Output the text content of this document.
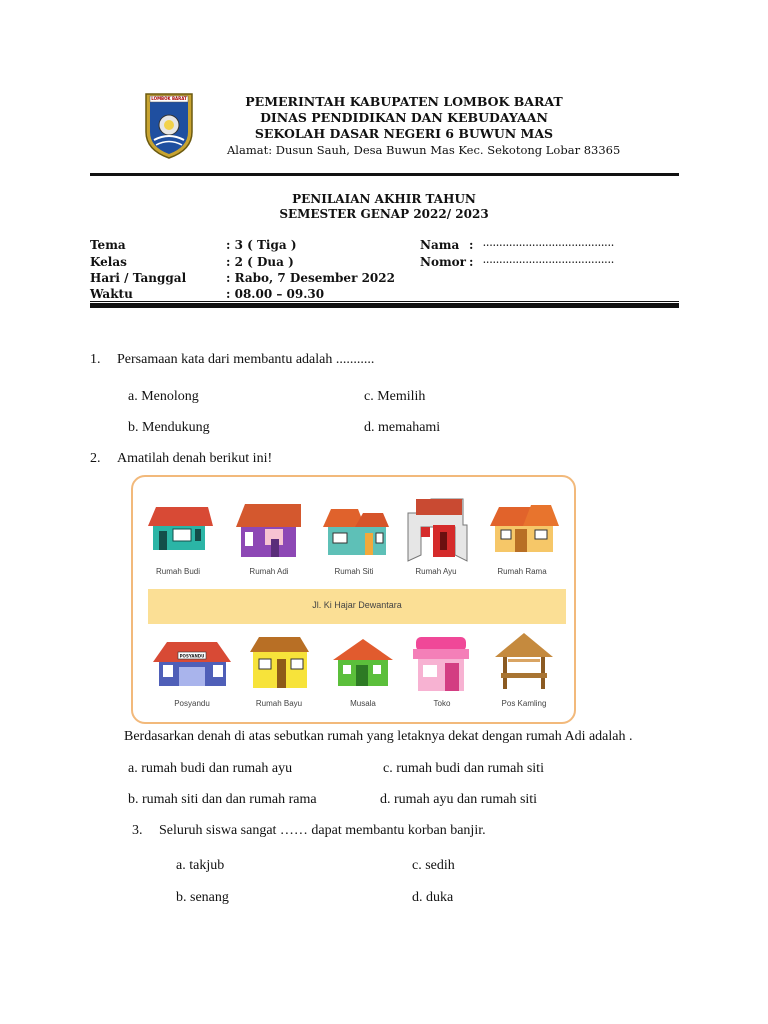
LOMBOK BARAT	PEMERINTAH KABUPATEN LOMBOK BARAT
DINAS PENDIDIKAN DAN KEBUDAYAAN
SEKOLAH DASAR NEGERI 6 BUWUN MAS
Alamat: Dusun Sauh, Desa Buwun Mas Kec. Sekotong Lobar 83365
PENILAIAN AKHIR TAHUN
SEMESTER GENAP 2022/ 2023
Tema	: 3 ( Tiga )
Kelas	: 2 ( Dua )
Hari / Tanggal	: Rabo, 7 Desember 2022
Waktu	: 08.00 – 09.30
Nama : ........................................
Nomor : ........................................
1. Persamaan kata dari membantu adalah ...........
a. Menolong	c. Memilih
b. Mendukung	d. memahami
2. Amatilah denah berikut ini!
POSYANDU
Rumah Budi	Rumah Adi	Rumah Siti	Rumah Ayu	Rumah Rama
Jl. Ki Hajar Dewantara
Posyandu	Rumah Bayu	Musala	Toko	Pos Kamling
Berdasarkan denah di atas sebutkan rumah yang letaknya dekat dengan rumah Adi adalah .
a. rumah budi dan rumah ayu	c. rumah budi dan rumah siti
b. rumah siti dan dan rumah rama	d. rumah ayu dan rumah siti
3. Seluruh siswa sangat …… dapat membantu korban banjir.
a. takjub	c. sedih
b. senang	d. duka
